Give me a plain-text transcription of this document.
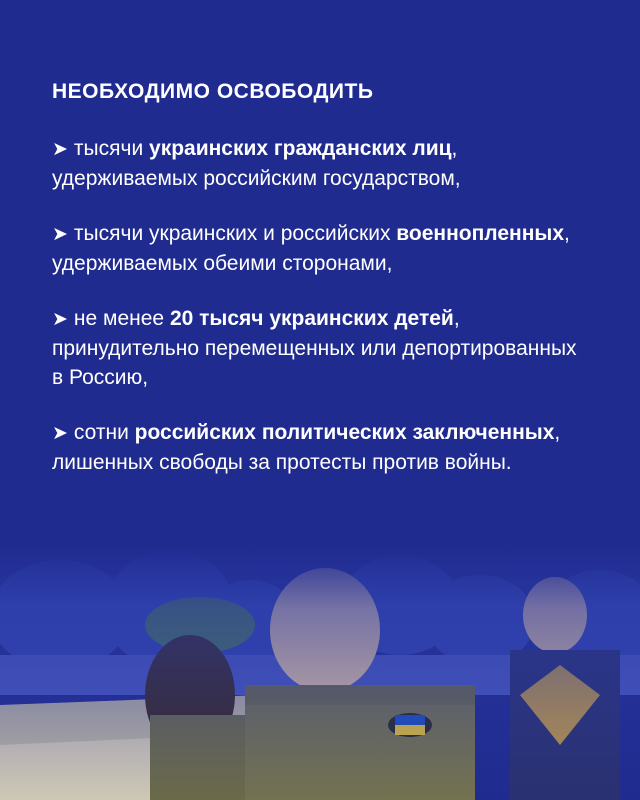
НЕОБХОДИМО ОСВОБОДИТЬ
➤ тысячи украинских гражданских лиц, удерживаемых российским государством,
➤ тысячи украинских и российских военнопленных, удерживаемых обеими сторонами,
➤ не менее 20 тысяч украинских детей, принудительно перемещенных или депортированных в Россию,
➤ сотни российских политических заключенных, лишенных свободы за протесты против войны.
